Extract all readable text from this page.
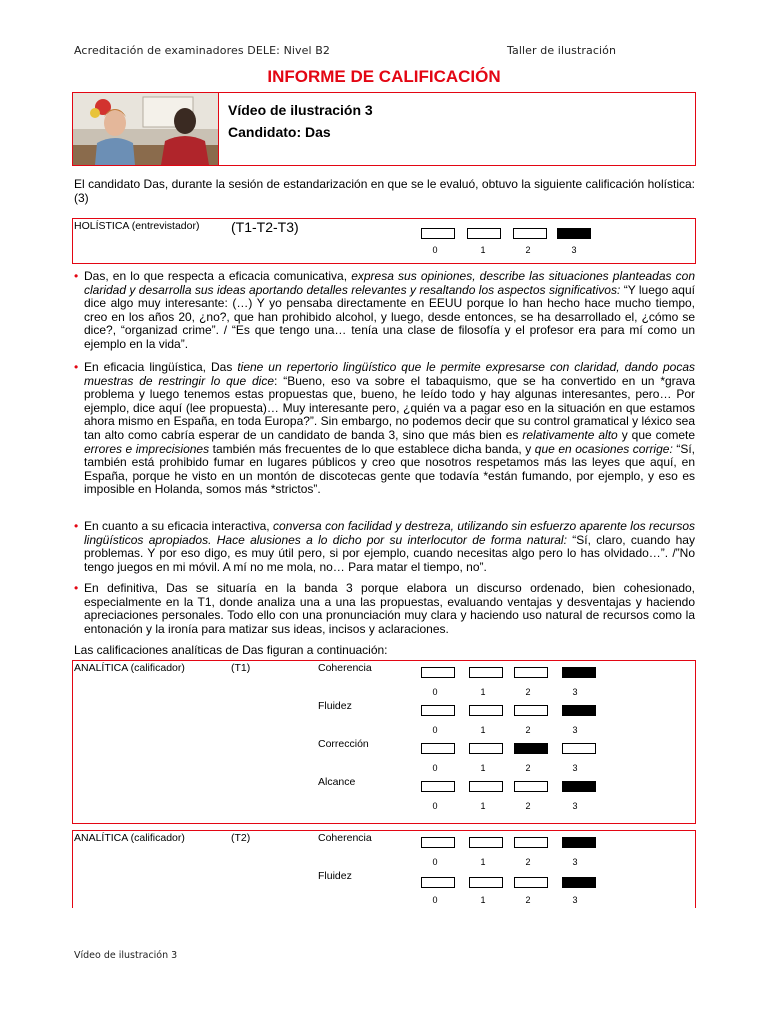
Acreditación de examinadores DELE: Nivel B2	Taller de ilustración
INFORME DE CALIFICACIÓN
Vídeo de ilustración 3
Candidato: Das
El candidato Das, durante la sesión de estandarización en que se le evaluó, obtuvo la siguiente calificación holística: (3)
HOLÍSTICA (entrevistador) (T1-T2-T3)
0	1	2	3
• Das, en lo que respecta a eficacia comunicativa, expresa sus opiniones, describe las situaciones planteadas con claridad y desarrolla sus ideas aportando detalles relevantes y resaltando los aspectos significativos: “Y luego aquí dice algo muy interesante: (…) Y yo pensaba directamente en EEUU porque lo han hecho hace mucho tiempo, creo en los años 20, ¿no?, que han prohibido alcohol, y luego, desde entonces, se ha desarrollado el, ¿cómo se dice?, “organizad crime”. / “Es que tengo una… tenía una clase de filosofía y el profesor era para mí como un ejemplo en la vida”.
• En eficacia lingüística, Das tiene un repertorio lingüístico que le permite expresarse con claridad, dando pocas muestras de restringir lo que dice: “Bueno, eso va sobre el tabaquismo, que se ha convertido en un *grava problema y luego tenemos estas propuestas que, bueno, he leído todo y hay algunas interesantes, pero… Por ejemplo, dice aquí (lee propuesta)… Muy interesante pero, ¿quién va a pagar eso en la situación en que estamos ahora mismo en España, en toda Europa?”. Sin embargo, no podemos decir que su control gramatical y léxico sea tan alto como cabría esperar de un candidato de banda 3, sino que más bien es relativamente alto y que comete errores e imprecisiones también más frecuentes de lo que establece dicha banda, y que en ocasiones corrige: “Sí, también está prohibido fumar en lugares públicos y creo que nosotros respetamos más las leyes que aquí, en España, porque he visto en un montón de discotecas gente que todavía *están fumando, por ejemplo, y eso es imposible en Holanda, somos más *strictos”.
• En cuanto a su eficacia interactiva, conversa con facilidad y destreza, utilizando sin esfuerzo aparente los recursos lingüísticos apropiados. Hace alusiones a lo dicho por su interlocutor de forma natural: “Sí, claro, cuando hay problemas. Y por eso digo, es muy útil pero, si por ejemplo, cuando necesitas algo pero lo has olvidado…”. /”No tengo juegos en mi móvil. A mí no me mola, no… Para matar el tiempo, no”.
• En definitiva, Das se situaría en la banda 3 porque elabora un discurso ordenado, bien cohesionado, especialmente en la T1, donde analiza una a una las propuestas, evaluando ventajas y desventajas y haciendo apreciaciones personales. Todo ello con una pronunciación muy clara y haciendo uso natural de recursos como la entonación y la ironía para matizar sus ideas, incisos y aclaraciones.
Las calificaciones analíticas de Das figuran a continuación:
ANALÍTICA (calificador)	(T1)	Coherencia
0	1	2	3
Fluidez
0	1	2	3
Corrección
0	1	2	3
Alcance
0	1	2	3
ANALÍTICA (calificador)	(T2)	Coherencia
0	1	2	3
Fluidez
0	1	2	3
Vídeo de ilustración 3
